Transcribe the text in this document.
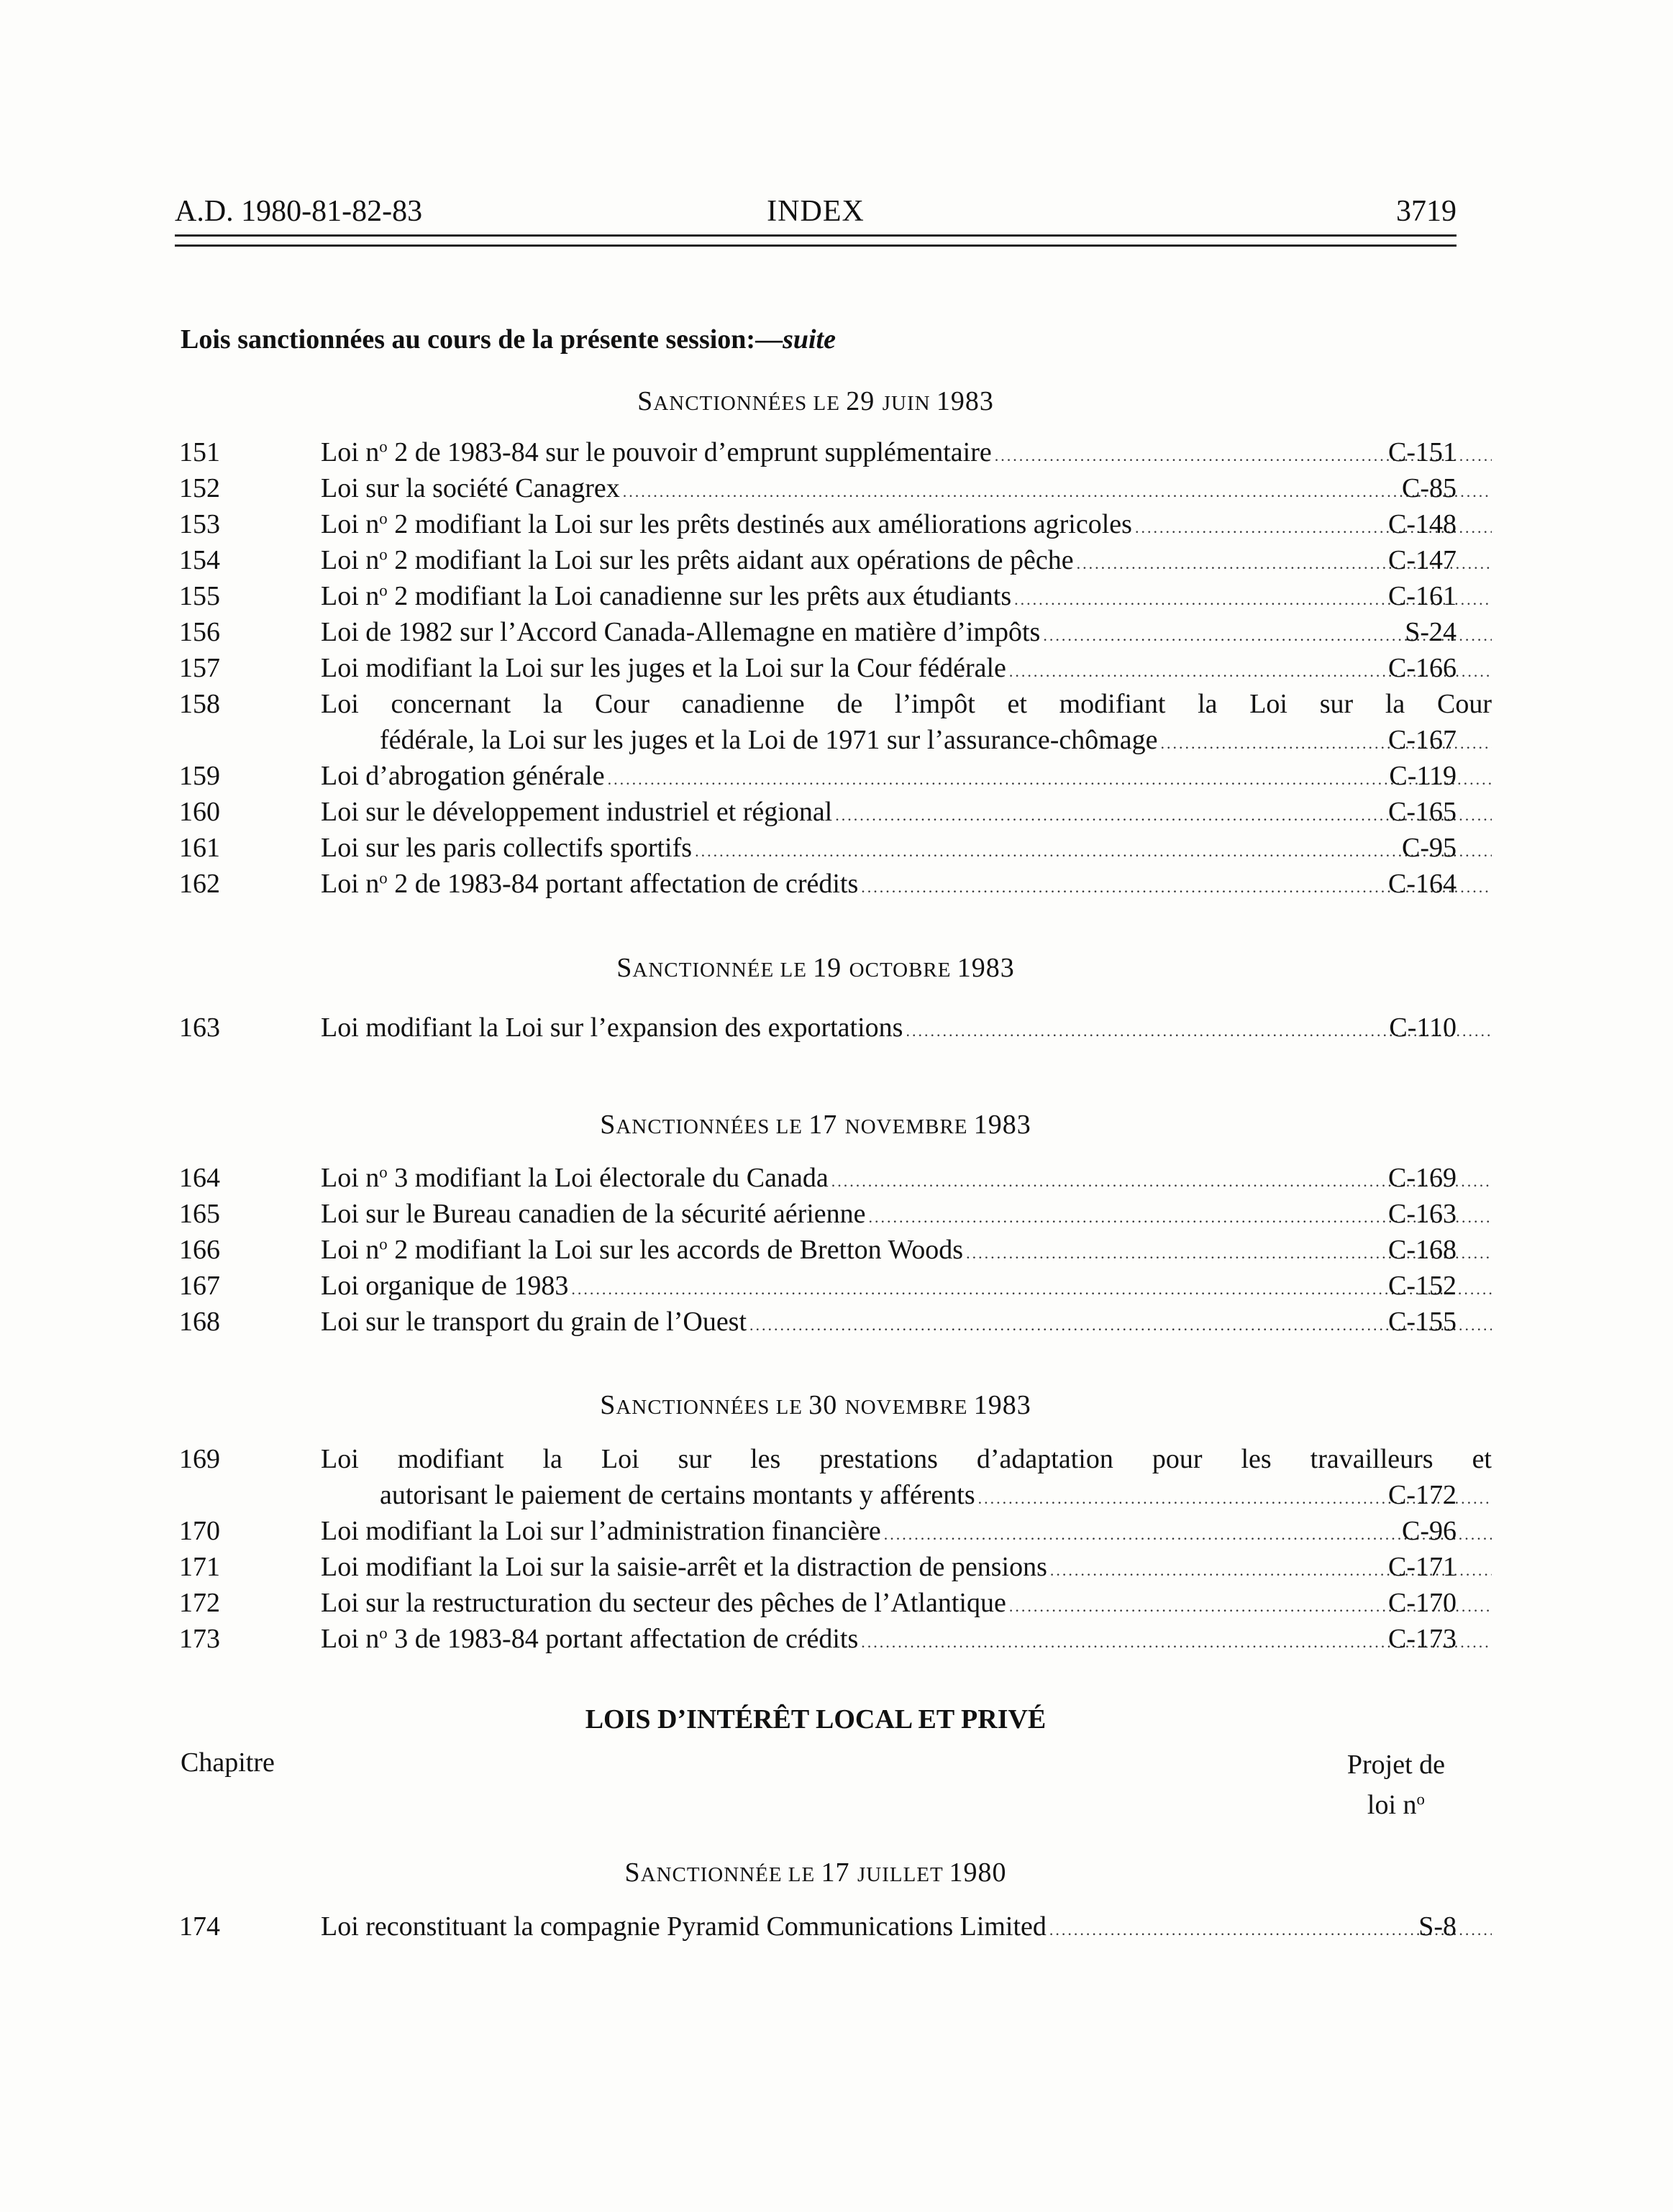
A.D. 1980-81-82-83	INDEX	3719
Lois sanctionnées au cours de la présente session:—suite
SANCTIONNÉES LE 29 JUIN 1983
151	Loi $n^o$ 2 de 1983-84 sur le pouvoir d’emprunt supplémentaire .....	C-151
152	Loi sur la société Canagrex .....	C-85
153	Loi $n^o$ 2 modifiant la Loi sur les prêts destinés aux améliorations agricoles .....	C-148
154	Loi $n^o$ 2 modifiant la Loi sur les prêts aidant aux opérations de pêche .....	C-147
155	Loi $n^o$ 2 modifiant la Loi canadienne sur les prêts aux étudiants .....	C-161
156	Loi de 1982 sur l’Accord Canada-Allemagne en matière d’impôts .....	S-24
157	Loi modifiant la Loi sur les juges et la Loi sur la Cour fédérale .....	C-166
158	Loi concernant la Cour canadienne de l’impôt et modifiant la Loi sur la Cour
fédérale, la Loi sur les juges et la Loi de 1971 sur l’assurance-chômage .....	C-167
159	Loi d’abrogation générale .....	C-119
160	Loi sur le développement industriel et régional .....	C-165
161	Loi sur les paris collectifs sportifs .....	C-95
162	Loi $n^o$ 2 de 1983-84 portant affectation de crédits .....	C-164
SANCTIONNÉE LE 19 OCTOBRE 1983
163	Loi modifiant la Loi sur l’expansion des exportations .....	C-110
SANCTIONNÉES LE 17 NOVEMBRE 1983
164	Loi $n^o$ 3 modifiant la Loi électorale du Canada .....	C-169
165	Loi sur le Bureau canadien de la sécurité aérienne .....	C-163
166	Loi $n^o$ 2 modifiant la Loi sur les accords de Bretton Woods .....	C-168
167	Loi organique de 1983 .....	C-152
168	Loi sur le transport du grain de l’Ouest .....	C-155
SANCTIONNÉES LE 30 NOVEMBRE 1983
169	Loi modifiant la Loi sur les prestations d’adaptation pour les travailleurs et
autorisant le paiement de certains montants y afférents .....	C-172
170	Loi modifiant la Loi sur l’administration financière .....	C-96
171	Loi modifiant la Loi sur la saisie-arrêt et la distraction de pensions .....	C-171
172	Loi sur la restructuration du secteur des pêches de l’Atlantique .....	C-170
173	Loi $n^o$ 3 de 1983-84 portant affectation de crédits .....	C-173
LOIS D’INTÉRÊT LOCAL ET PRIVÉ
Chapitre	Projet de
loi $n^o$
SANCTIONNÉE LE 17 JUILLET 1980
174	Loi reconstituant la compagnie Pyramid Communications Limited .....	S-8
